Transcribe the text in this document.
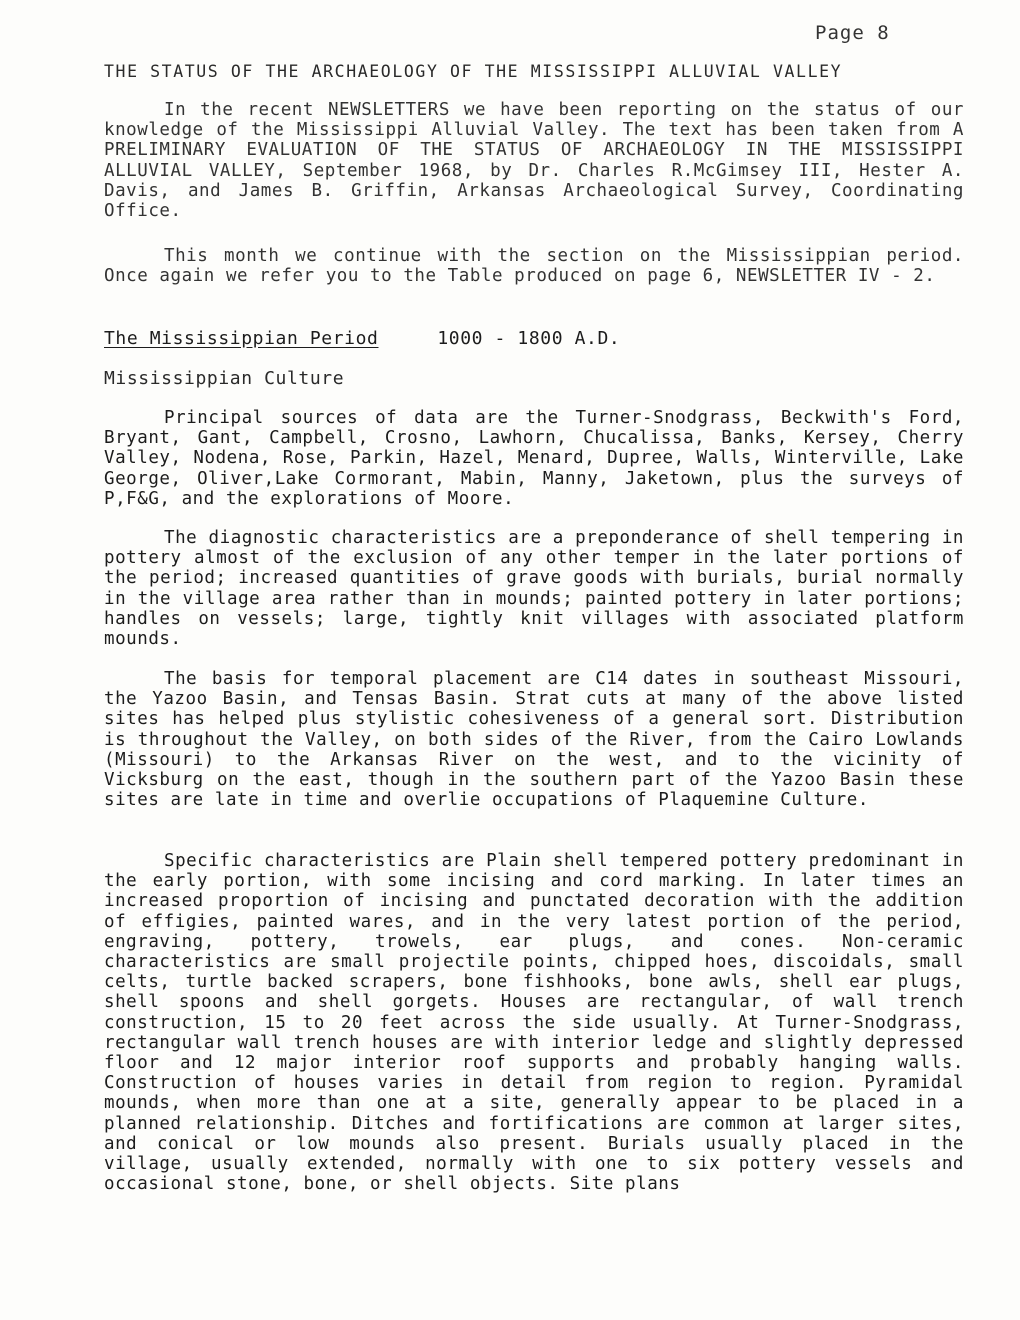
Page 8
THE STATUS OF THE ARCHAEOLOGY OF THE MISSISSIPPI ALLUVIAL VALLEY
In the recent NEWSLETTERS we have been reporting on the status of our knowledge of the Mississippi Alluvial Valley. The text has been taken from A PRELIMINARY EVALUATION OF THE STATUS OF ARCHAEOLOGY IN THE MISSISSIPPI ALLUVIAL VALLEY, September 1968, by Dr. Charles R.McGimsey III, Hester A. Davis, and James B. Griffin, Arkansas Archaeological Survey, Coordinating Office.
This month we continue with the section on the Mississippian period. Once again we refer you to the Table produced on page 6, NEWSLETTER IV - 2.
The Mississippian Period	1000 - 1800 A.D.
Mississippian Culture
Principal sources of data are the Turner-Snodgrass, Beckwith's Ford, Bryant, Gant, Campbell, Crosno, Lawhorn, Chucalissa, Banks, Kersey, Cherry Valley, Nodena, Rose, Parkin, Hazel, Menard, Dupree, Walls, Winterville, Lake George, Oliver,Lake Cormorant, Mabin, Manny, Jaketown, plus the surveys of P,F&G, and the explorations of Moore.
The diagnostic characteristics are a preponderance of shell tempering in pottery almost of the exclusion of any other temper in the later portions of the period; increased quantities of grave goods with burials, burial normally in the village area rather than in mounds; painted pottery in later portions; handles on vessels; large, tightly knit villages with associated platform mounds.
The basis for temporal placement are C14 dates in southeast Missouri, the Yazoo Basin, and Tensas Basin. Strat cuts at many of the above listed sites has helped plus stylistic cohesiveness of a general sort. Distribution is throughout the Valley, on both sides of the River, from the Cairo Lowlands (Missouri) to the Arkansas River on the west, and to the vicinity of Vicksburg on the east, though in the southern part of the Yazoo Basin these sites are late in time and overlie occupations of Plaquemine Culture.
Specific characteristics are Plain shell tempered pottery predominant in the early portion, with some incising and cord marking. In later times an increased proportion of incising and punctated decoration with the addition of effigies, painted wares, and in the very latest portion of the period, engraving, pottery, trowels, ear plugs, and cones. Non-ceramic characteristics are small projectile points, chipped hoes, discoidals, small celts, turtle backed scrapers, bone fishhooks, bone awls, shell ear plugs, shell spoons and shell gorgets. Houses are rectangular, of wall trench construction, 15 to 20 feet across the side usually. At Turner-Snodgrass, rectangular wall trench houses are with interior ledge and slightly depressed floor and 12 major interior roof supports and probably hanging walls. Construction of houses varies in detail from region to region. Pyramidal mounds, when more than one at a site, generally appear to be placed in a planned relationship. Ditches and fortifications are common at larger sites, and conical or low mounds also present. Burials usually placed in the village, usually extended, normally with one to six pottery vessels and occasional stone, bone, or shell objects. Site plans
